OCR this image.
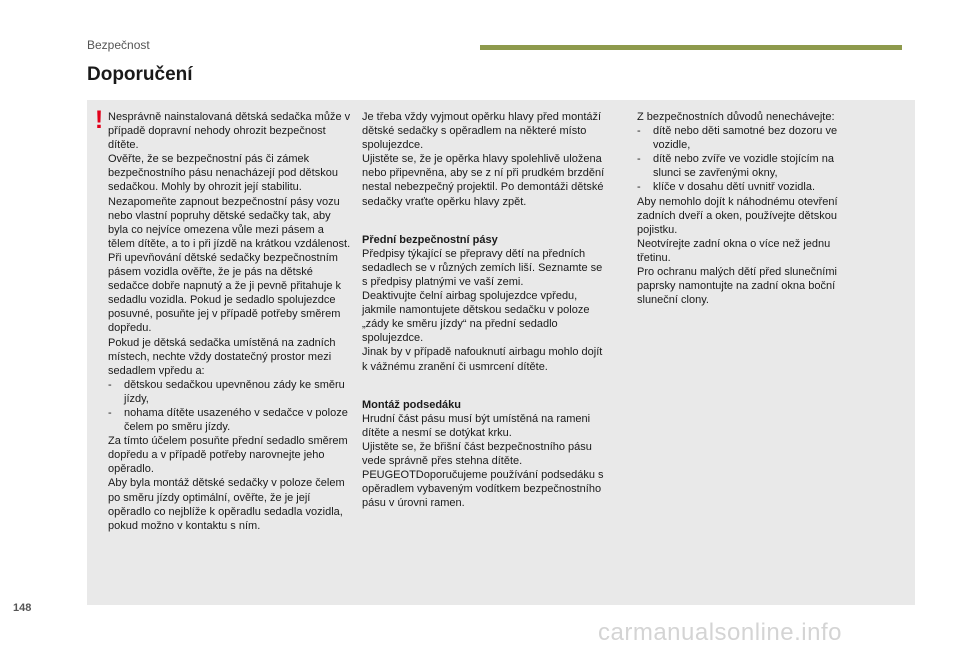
Bezpečnost
Doporučení
! Nesprávně nainstalovaná dětská sedačka může v případě dopravní nehody ohrozit bezpečnost dítěte.

Ověřte, že se bezpečnostní pás či zámek bezpečnostního pásu nenacházejí pod dětskou sedačkou. Mohly by ohrozit její stabilitu.

Nezapomeňte zapnout bezpečnostní pásy vozu nebo vlastní popruhy dětské sedačky tak, aby byla co nejvíce omezena vůle mezi pásem a tělem dítěte, a to i při jízdě na krátkou vzdálenost.

Při upevňování dětské sedačky bezpečnostním pásem vozidla ověřte, že je pás na dětské sedačce dobře napnutý a že ji pevně přitahuje k sedadlu vozidla. Pokud je sedadlo spolujezdce posuvné, posuňte jej v případě potřeby směrem dopředu.

Pokud je dětská sedačka umístěná na zadních místech, nechte vždy dostatečný prostor mezi sedadlem vpředu a:

-	dětskou sedačkou upevněnou zády ke směru jízdy,
-	nohama dítěte usazeného v sedačce v poloze čelem po směru jízdy.

Za tímto účelem posuňte přední sedadlo směrem dopředu a v případě potřeby narovnejte jeho opěradlo.

Aby byla montáž dětské sedačky v poloze čelem po směru jízdy optimální, ověřte, že je její opěradlo co nejblíže k opěradlu sedadla vozidla, pokud možno v kontaktu s ním.

Je třeba vždy vyjmout opěrku hlavy před montáží dětské sedačky s opěradlem na některé místo spolujezdce.

Ujistěte se, že je opěrka hlavy spolehlivě uložena nebo připevněna, aby se z ní při prudkém brzdění nestal nebezpečný projektil. Po demontáži dětské sedačky vraťte opěrku hlavy zpět.

Přední bezpečnostní pásy

Předpisy týkající se přepravy dětí na předních sedadlech se v různých zemích liší. Seznamte se s předpisy platnými ve vaší zemi.

Deaktivujte čelní airbag spolujezdce vpředu, jakmile namontujete dětskou sedačku v poloze „zády ke směru jízdy“ na přední sedadlo spolujezdce.

Jinak by v případě nafouknutí airbagu mohlo dojít k vážnému zranění či usmrcení dítěte.

Montáž podsedáku

Hrudní část pásu musí být umístěná na rameni dítěte a nesmí se dotýkat krku.

Ujistěte se, že břišní část bezpečnostního pásu vede správně přes stehna dítěte.

PEUGEOTDoporučujeme používání podsedáku s opěradlem vybaveným vodítkem bezpečnostního pásu v úrovni ramen.

Z bezpečnostních důvodů nenechávejte:

-	dítě nebo děti samotné bez dozoru ve vozidle,
-	dítě nebo zvíře ve vozidle stojícím na slunci se zavřenými okny,
-	klíče v dosahu dětí uvnitř vozidla.

Aby nemohlo dojít k náhodnému otevření zadních dveří a oken, používejte dětskou pojistku.

Neotvírejte zadní okna o více než jednu třetinu.

Pro ochranu malých dětí před slunečními paprsky namontujte na zadní okna boční sluneční clony.

148
carmanualsonline.info
